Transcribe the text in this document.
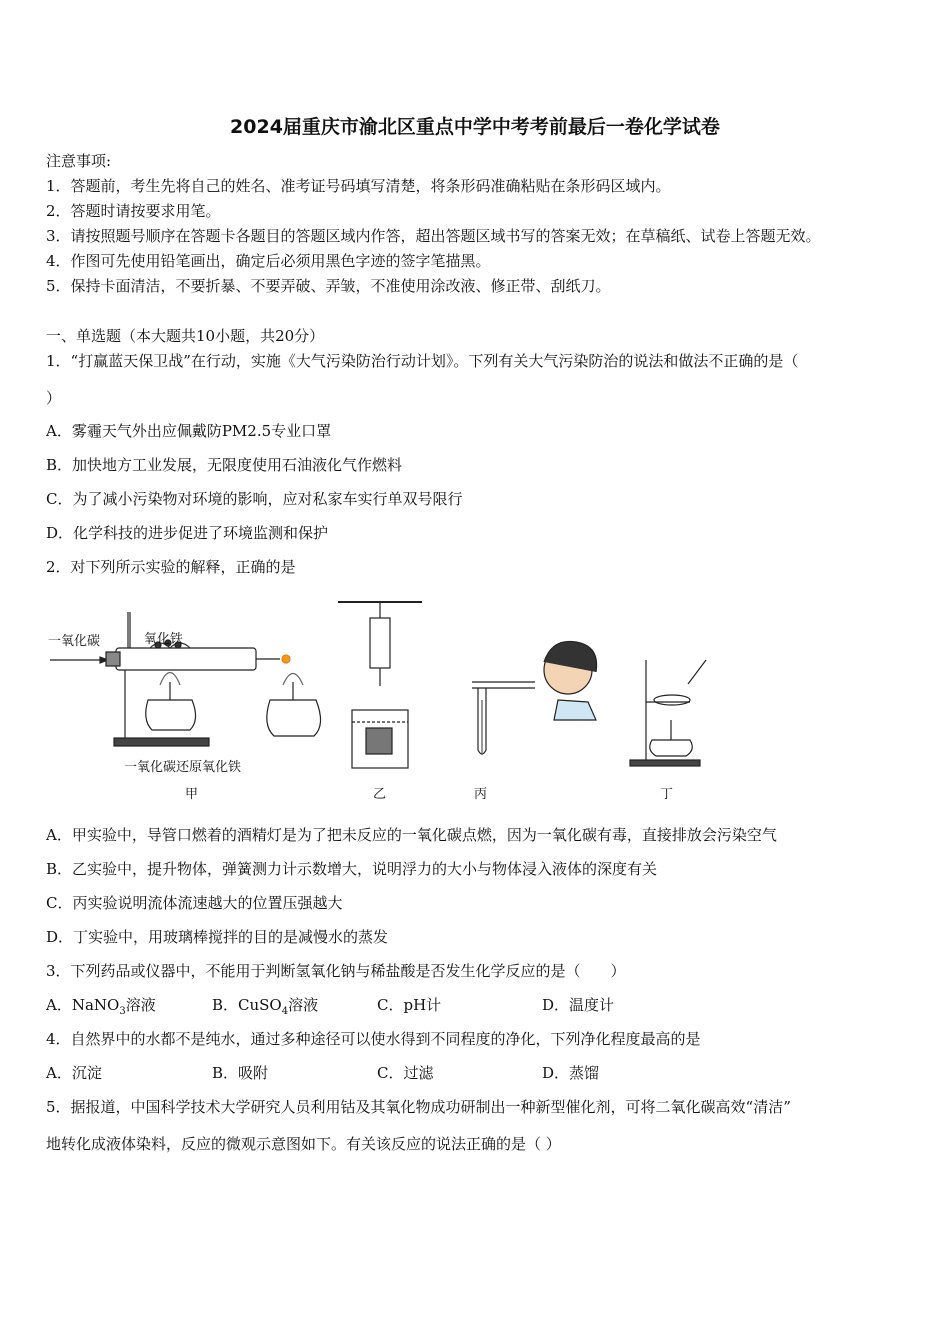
2024届重庆市渝北区重点中学中考考前最后一卷化学试卷
注意事项:
1．答题前，考生先将自己的姓名、准考证号码填写清楚，将条形码准确粘贴在条形码区域内。
2．答题时请按要求用笔。
3．请按照题号顺序在答题卡各题目的答题区域内作答，超出答题区域书写的答案无效；在草稿纸、试卷上答题无效。
4．作图可先使用铅笔画出，确定后必须用黑色字迹的签字笔描黑。
5．保持卡面清洁，不要折暴、不要弄破、弄皱，不准使用涂改液、修正带、刮纸刀。
一、单选题（本大题共10小题，共20分）
1．“打赢蓝天保卫战”在行动，实施《大气污染防治行动计划》。下列有关大气污染防治的说法和做法不正确的是（
）
A．雾霾天气外出应佩戴防PM2.5专业口罩
B．加快地方工业发展，无限度使用石油液化气作燃料
C．为了减小污染物对环境的影响，应对私家车实行单双号限行
D．化学科技的进步促进了环境监测和保护
2．对下列所示实验的解释，正确的是
一氧化碳	氧化铁
一氧化碳还原氧化铁
甲	乙	丙	丁
A．甲实验中，导管口燃着的酒精灯是为了把未反应的一氧化碳点燃，因为一氧化碳有毒，直接排放会污染空气
B．乙实验中，提升物体，弹簧测力计示数增大，说明浮力的大小与物体浸入液体的深度有关
C．丙实验说明流体流速越大的位置压强越大
D．丁实验中，用玻璃棒搅拌的目的是减慢水的蒸发
3．下列药品或仪器中，不能用于判断氢氧化钠与稀盐酸是否发生化学反应的是（　　）
A．NaNO$_3$溶液	B．CuSO$_4$溶液	C．pH计	D．温度计
4．自然界中的水都不是纯水，通过多种途径可以使水得到不同程度的净化，下列净化程度最高的是
A．沉淀	B．吸附	C．过滤	D．蒸馏
5．据报道，中国科学技术大学研究人员利用钴及其氧化物成功研制出一种新型催化剂，可将二氧化碳高效“清洁”
地转化成液体染料，反应的微观示意图如下。有关该反应的说法正确的是（ ）
